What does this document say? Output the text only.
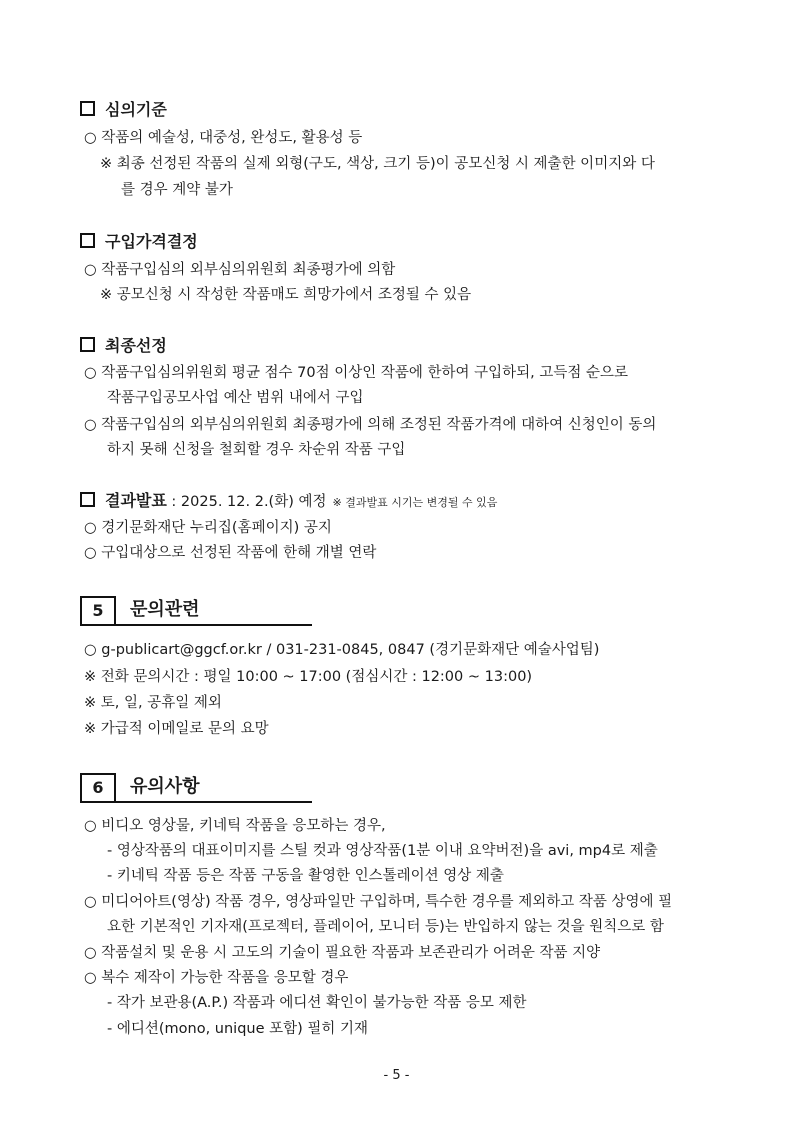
심의기준
○ 작품의 예술성, 대중성, 완성도, 활용성 등
※ 최종 선정된 작품의 실제 외형(구도, 색상, 크기 등)이 공모신청 시 제출한 이미지와 다
를 경우 계약 불가
구입가격결정
○ 작품구입심의 외부심의위원회 최종평가에 의함
※ 공모신청 시 작성한 작품매도 희망가에서 조정될 수 있음
최종선정
○ 작품구입심의위원회 평균 점수 70점 이상인 작품에 한하여 구입하되, 고득점 순으로
작품구입공모사업 예산 범위 내에서 구입
○ 작품구입심의 외부심의위원회 최종평가에 의해 조정된 작품가격에 대하여 신청인이 동의
하지 못해 신청을 철회할 경우 차순위 작품 구입
결과발표 : 2025. 12. 2.(화) 예정 ※ 결과발표 시기는 변경될 수 있음
○ 경기문화재단 누리집(홈페이지) 공지
○ 구입대상으로 선정된 작품에 한해 개별 연락
5	문의관련
○ g-publicart@ggcf.or.kr / 031-231-0845, 0847 (경기문화재단 예술사업팀)
※ 전화 문의시간 : 평일 10:00 ~ 17:00 (점심시간 : 12:00 ~ 13:00)
※ 토, 일, 공휴일 제외
※ 가급적 이메일로 문의 요망
6	유의사항
○ 비디오 영상물, 키네틱 작품을 응모하는 경우,
- 영상작품의 대표이미지를 스틸 컷과 영상작품(1분 이내 요약버전)을 avi, mp4로 제출
- 키네틱 작품 등은 작품 구동을 촬영한 인스톨레이션 영상 제출
○ 미디어아트(영상) 작품 경우, 영상파일만 구입하며, 특수한 경우를 제외하고 작품 상영에 필
요한 기본적인 기자재(프로젝터, 플레이어, 모니터 등)는 반입하지 않는 것을 원칙으로 함
○ 작품설치 및 운용 시 고도의 기술이 필요한 작품과 보존관리가 어려운 작품 지양
○ 복수 제작이 가능한 작품을 응모할 경우
- 작가 보관용(A.P.) 작품과 에디션 확인이 불가능한 작품 응모 제한
- 에디션(mono, unique 포함) 필히 기재
- 5 -
